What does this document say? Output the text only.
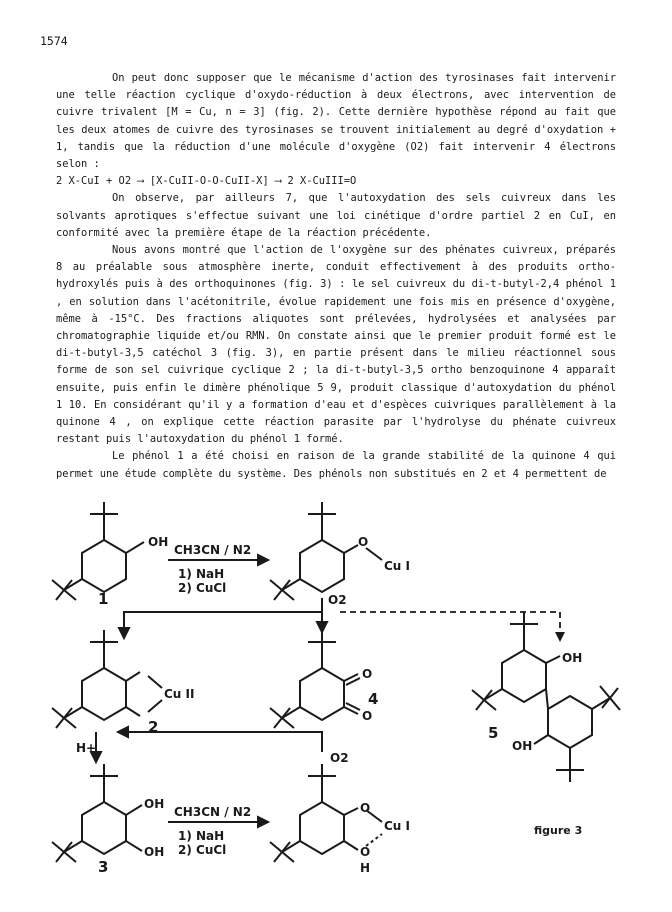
1574

On peut donc supposer que le mécanisme d'action des tyrosinases fait intervenir une telle réaction cyclique d'oxydo-réduction à deux électrons, avec intervention de cuivre trivalent [M = Cu, n = 3] (fig. 2). Cette dernière hypothèse répond au fait que les deux atomes de cuivre des tyrosinases se trouvent initialement au degré d'oxydation + 1, tandis que la réduction d'une molécule d'oxygène (O2) fait intervenir 4 électrons selon :

2 X-CuI + O2 ⟶ [X-CuII-O-O-CuII-X] ⟶ 2 X-CuIII=O

On observe, par ailleurs 7, que l'autoxydation des sels cuivreux dans les solvants aprotiques s'effectue suivant une loi cinétique d'ordre partiel 2 en CuI, en conformité avec la première étape de la réaction précédente.

Nous avons montré que l'action de l'oxygène sur des phénates cuivreux, préparés 8 au préalable sous atmosphère inerte, conduit effectivement à des produits ortho-hydroxylés puis à des orthoquinones (fig. 3) : le sel cuivreux du di-t-butyl-2,4 phénol 1 , en solution dans l'acétonitrile, évolue rapidement une fois mis en présence d'oxygène, même à -15°C. Des fractions aliquotes sont prélevées, hydrolysées et analysées par chromatographie liquide et/ou RMN. On constate ainsi que le premier produit formé est le di-t-butyl-3,5 catéchol 3 (fig. 3), en partie présent dans le milieu réactionnel sous forme de son sel cuivrique cyclique 2 ; la di-t-butyl-3,5 ortho benzoquinone 4 apparaît ensuite, puis enfin le dimère phénolique 5 9, produit classique d'autoxydation du phénol 1 10. En considérant qu'il y a formation d'eau et d'espèces cuivriques parallèlement à la quinone 4 , on explique cette réaction parasite par l'hydrolyse du phénate cuivreux restant puis l'autoxydation du phénol 1 formé.

Le phénol 1 a été choisi en raison de la grande stabilité de la quinone 4 qui permet une étude complète du système. Des phénols non substitués en 2 et 4 permettent de

OH
CH3CN / N2
1) NaH
2) CuCl
O
Cu I
O2
Cu II
O
O
O2
H+
OH
OH
OH
OH
CH3CN / N2
1) NaH
2) CuCl
O
O
H
Cu I
1
2
4
5
3
figure 3
